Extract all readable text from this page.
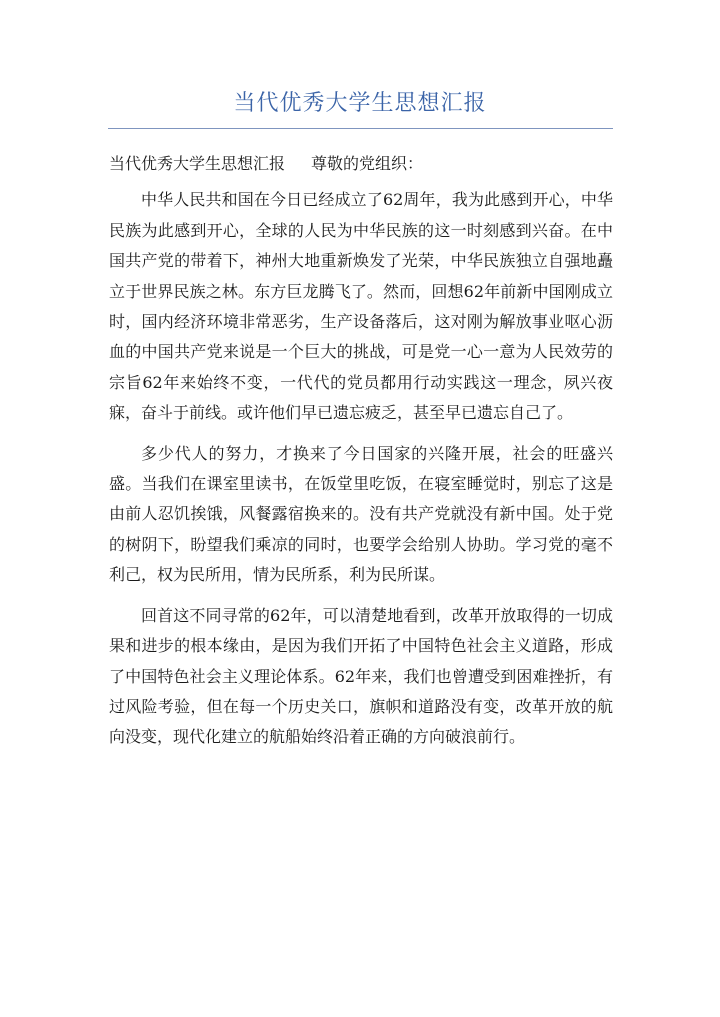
当代优秀大学生思想汇报

当代优秀大学生思想汇报 尊敬的党组织：

中华人民共和国在今日已经成立了62周年，我为此感到开心，中华民族为此感到开心，全球的人民为中华民族的这一时刻感到兴奋。在中国共产党的带着下，神州大地重新焕发了光荣，中华民族独立自强地矗立于世界民族之林。东方巨龙腾飞了。然而，回想62年前新中国刚成立时，国内经济环境非常恶劣，生产设备落后，这对刚为解放事业呕心沥血的中国共产党来说是一个巨大的挑战，可是党一心一意为人民效劳的宗旨62年来始终不变，一代代的党员都用行动实践这一理念，夙兴夜寐，奋斗于前线。或许他们早已遗忘疲乏，甚至早已遗忘自己了。

多少代人的努力，才换来了今日国家的兴隆开展，社会的旺盛兴盛。当我们在课室里读书，在饭堂里吃饭，在寝室睡觉时，别忘了这是由前人忍饥挨饿，风餐露宿换来的。没有共产党就没有新中国。处于党的树阴下，盼望我们乘凉的同时，也要学会给别人协助。学习党的毫不利己，权为民所用，情为民所系，利为民所谋。

回首这不同寻常的62年，可以清楚地看到，改革开放取得的一切成果和进步的根本缘由，是因为我们开拓了中国特色社会主义道路，形成了中国特色社会主义理论体系。62年来，我们也曾遭受到困难挫折，有过风险考验，但在每一个历史关口，旗帜和道路没有变，改革开放的航向没变，现代化建立的航船始终沿着正确的方向破浪前行。
